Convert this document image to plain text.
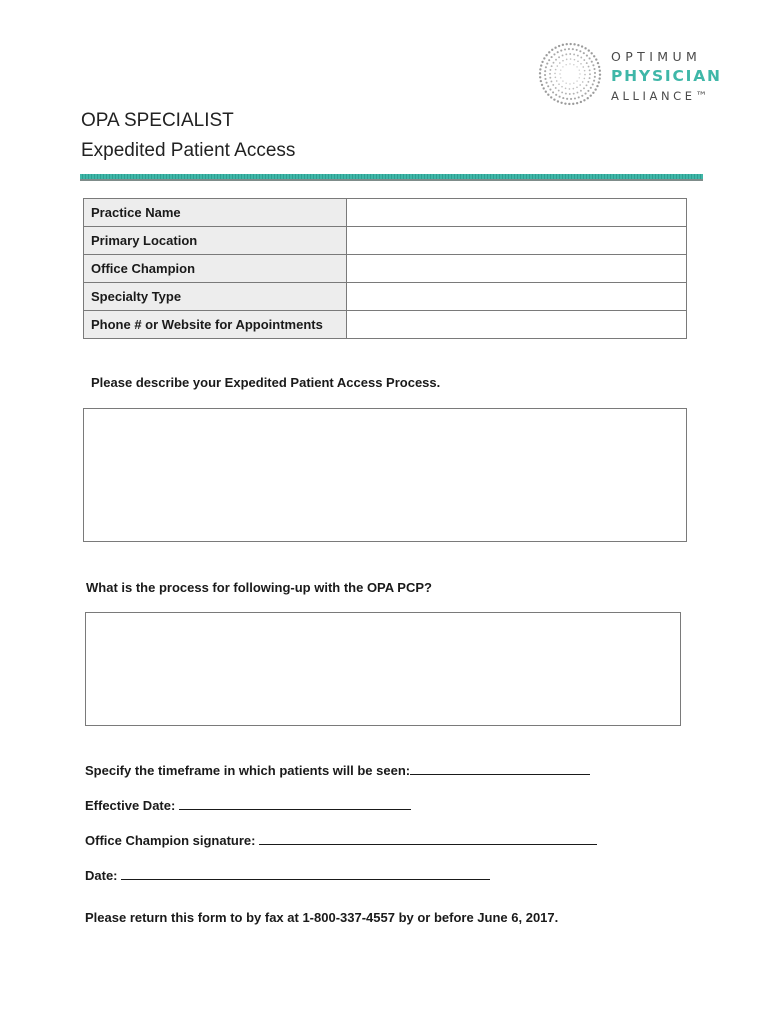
OPTIMUM
PHYSICIAN
ALLIANCE™
OPA SPECIALIST
Expedited Patient Access
Practice Name	
Primary Location	
Office Champion	
Specialty Type	
Phone # or Website for Appointments	
Please describe your Expedited Patient Access Process.
What is the process for following-up with the OPA PCP?
Specify the timeframe in which patients will be seen:
Effective Date:
Office Champion signature:
Date:
Please return this form to by fax at 1-800-337-4557 by or before June 6, 2017.
